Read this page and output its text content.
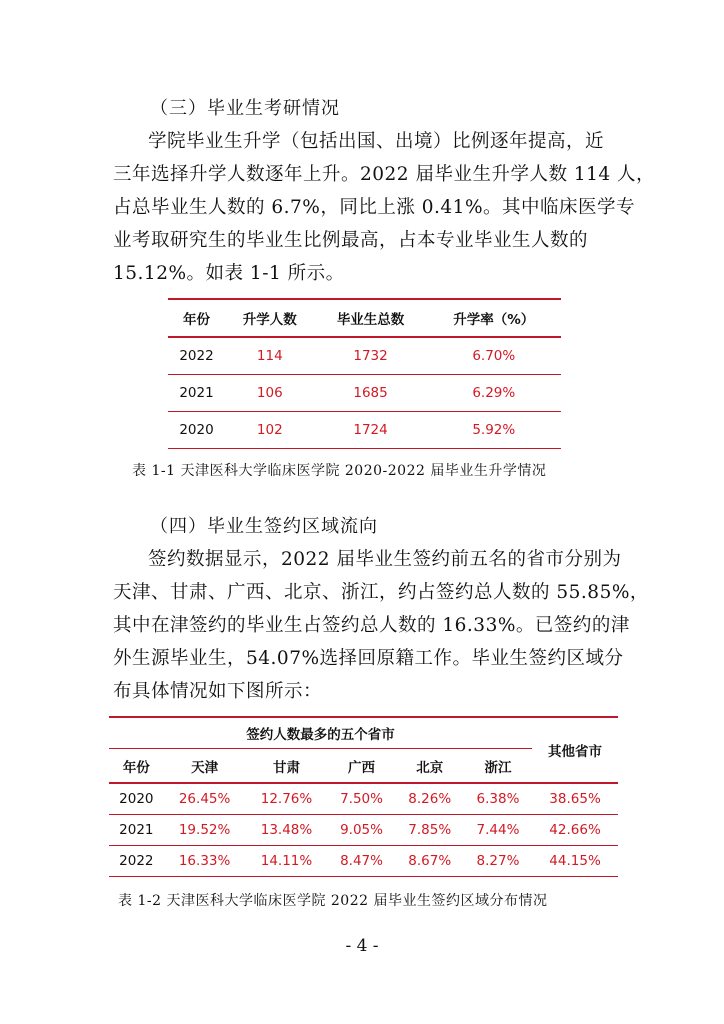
（三）毕业生考研情况
学院毕业生升学（包括出国、出境）比例逐年提高，近
三年选择升学人数逐年上升。2022 届毕业生升学人数 114 人，
占总毕业生人数的 6.7%，同比上涨 0.41%。其中临床医学专
业考取研究生的毕业生比例最高，占本专业毕业生人数的
15.12%。如表 1-1 所示。
年份	升学人数	毕业生总数	升学率（%）
2022	114	1732	6.70%
2021	106	1685	6.29%
2020	102	1724	5.92%
表 1-1 天津医科大学临床医学院 2020-2022 届毕业生升学情况
（四）毕业生签约区域流向
签约数据显示，2022 届毕业生签约前五名的省市分别为
天津、甘肃、广西、北京、浙江，约占签约总人数的 55.85%，
其中在津签约的毕业生占签约总人数的 16.33%。已签约的津
外生源毕业生，54.07%选择回原籍工作。毕业生签约区域分
布具体情况如下图所示：
签约人数最多的五个省市						其他省市
年份	天津	甘肃	广西	北京	浙江	
2020	26.45%	12.76%	7.50%	8.26%	6.38%	38.65%
2021	19.52%	13.48%	9.05%	7.85%	7.44%	42.66%
2022	16.33%	14.11%	8.47%	8.67%	8.27%	44.15%
表 1-2 天津医科大学临床医学院 2022 届毕业生签约区域分布情况
- 4 -
